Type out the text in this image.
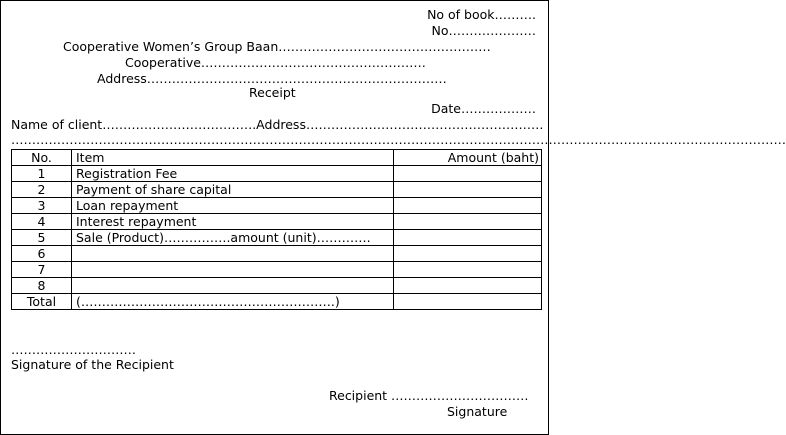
No of book……….
No…………………
Cooperative Women’s Group Baan……………………………………………
Cooperative………………………………………………
Address………………………………………………………………
Receipt
Date………………
Name of client……………………………….Address…………………………………………………
……………………………………………………………………………………………………………………………………………………………………
No.	Item	Amount (baht)
1	Registration Fee	
2	Payment of share capital	
3	Loan repayment	
4	Interest repayment	
5	Sale (Product)…………….amount (unit)………….	
6		
7		
8		
Total	(…………………………………………………….)	
…………………………
Signature of the Recipient
Recipient ……………………………
Signature
